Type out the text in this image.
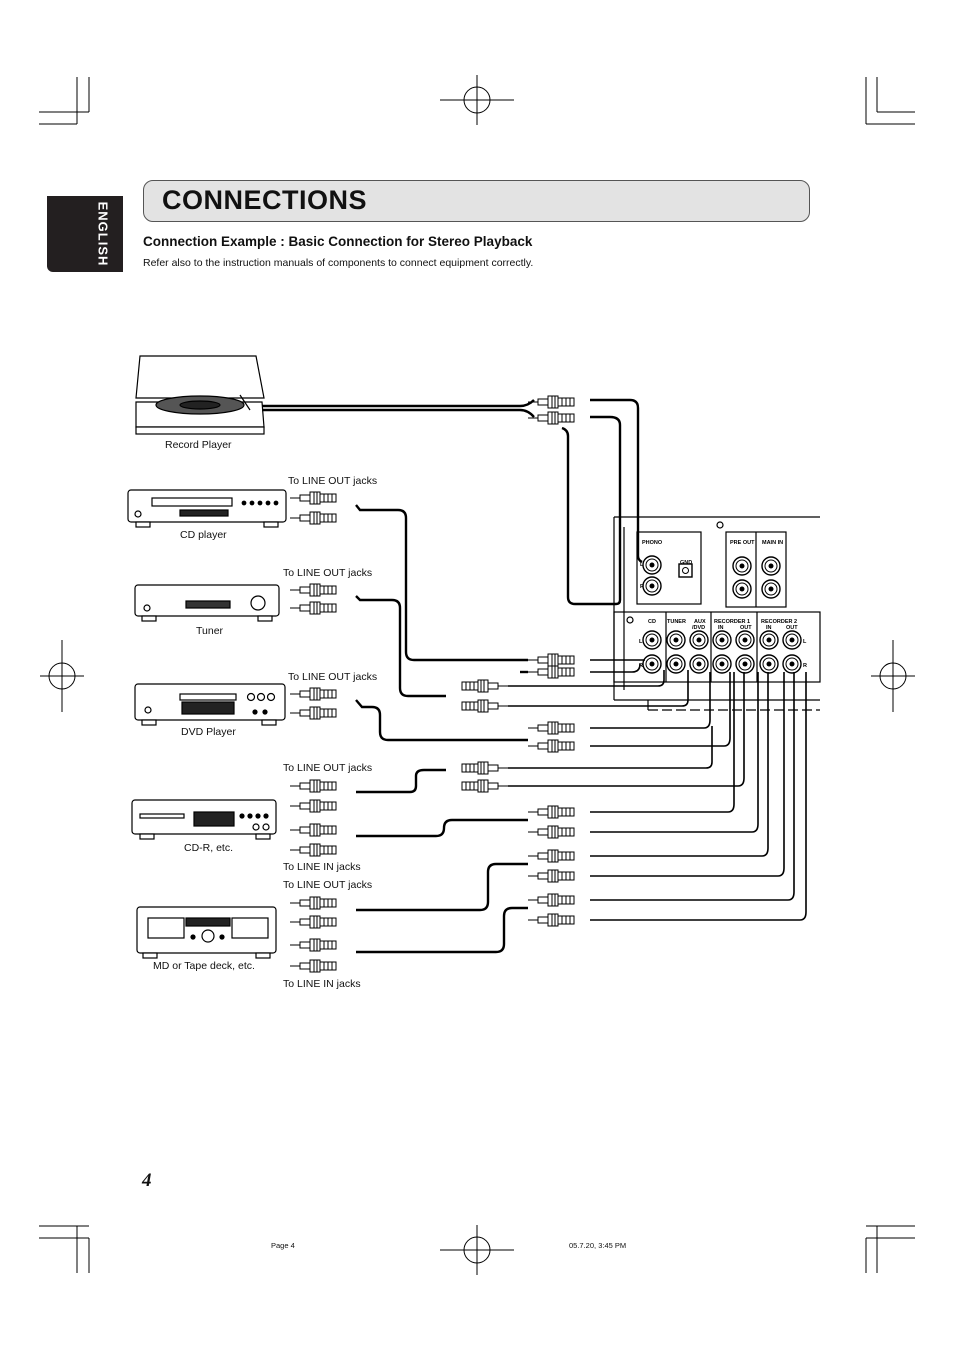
ENGLISH
CONNECTIONS
Connection Example : Basic Connection for Stereo Playback
Refer also to the instruction manuals of components to connect equipment correctly.
PHONO
GND
PRE OUT MAIN IN
CD TUNER AUX
/DVD
RECORDER 1
IN	OUT
RECORDER 2
IN	OUT
L
R
L
R
L
R
Record Player
CD player
Tuner
DVD Player
CD-R, etc.
MD or Tape deck, etc.
To LINE OUT jacks
To LINE OUT jacks
To LINE OUT jacks
To LINE OUT jacks
To LINE IN jacks
To LINE OUT jacks
To LINE IN jacks
4
Page 4	05.7.20, 3:45 PM
